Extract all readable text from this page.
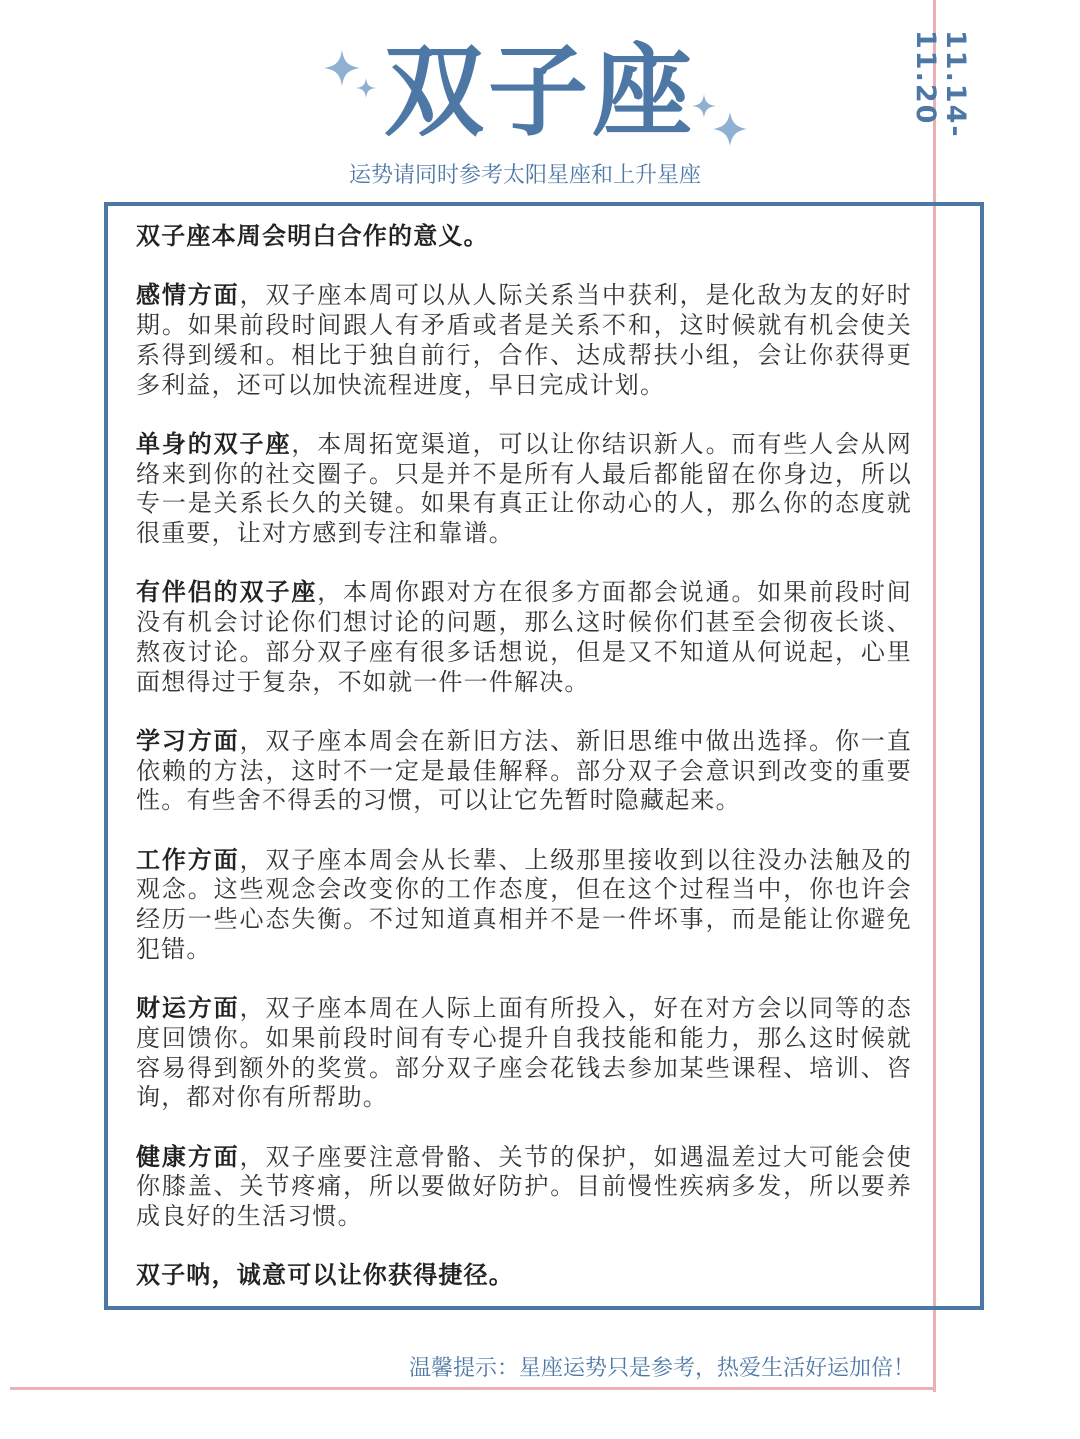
双子座
运势请同时参考太阳星座和上升星座
11.14-11.20

双子座本周会明白合作的意义。

感情方面，双子座本周可以从人际关系当中获利，是化敌为友的好时期。如果前段时间跟人有矛盾或者是关系不和，这时候就有机会使关系得到缓和。相比于独自前行，合作、达成帮扶小组，会让你获得更多利益，还可以加快流程进度，早日完成计划。

单身的双子座，本周拓宽渠道，可以让你结识新人。而有些人会从网络来到你的社交圈子。只是并不是所有人最后都能留在你身边，所以专一是关系长久的关键。如果有真正让你动心的人，那么你的态度就很重要，让对方感到专注和靠谱。

有伴侣的双子座，本周你跟对方在很多方面都会说通。如果前段时间没有机会讨论你们想讨论的问题，那么这时候你们甚至会彻夜长谈、熬夜讨论。部分双子座有很多话想说，但是又不知道从何说起，心里面想得过于复杂，不如就一件一件解决。

学习方面，双子座本周会在新旧方法、新旧思维中做出选择。你一直依赖的方法，这时不一定是最佳解释。部分双子会意识到改变的重要性。有些舍不得丢的习惯，可以让它先暂时隐藏起来。

工作方面，双子座本周会从长辈、上级那里接收到以往没办法触及的观念。这些观念会改变你的工作态度，但在这个过程当中，你也许会经历一些心态失衡。不过知道真相并不是一件坏事，而是能让你避免犯错。

财运方面，双子座本周在人际上面有所投入，好在对方会以同等的态度回馈你。如果前段时间有专心提升自我技能和能力，那么这时候就容易得到额外的奖赏。部分双子座会花钱去参加某些课程、培训、咨询，都对你有所帮助。

健康方面，双子座要注意骨骼、关节的保护，如遇温差过大可能会使你膝盖、关节疼痛，所以要做好防护。目前慢性疾病多发，所以要养成良好的生活习惯。

双子呐，诚意可以让你获得捷径。

温馨提示：星座运势只是参考，热爱生活好运加倍！
